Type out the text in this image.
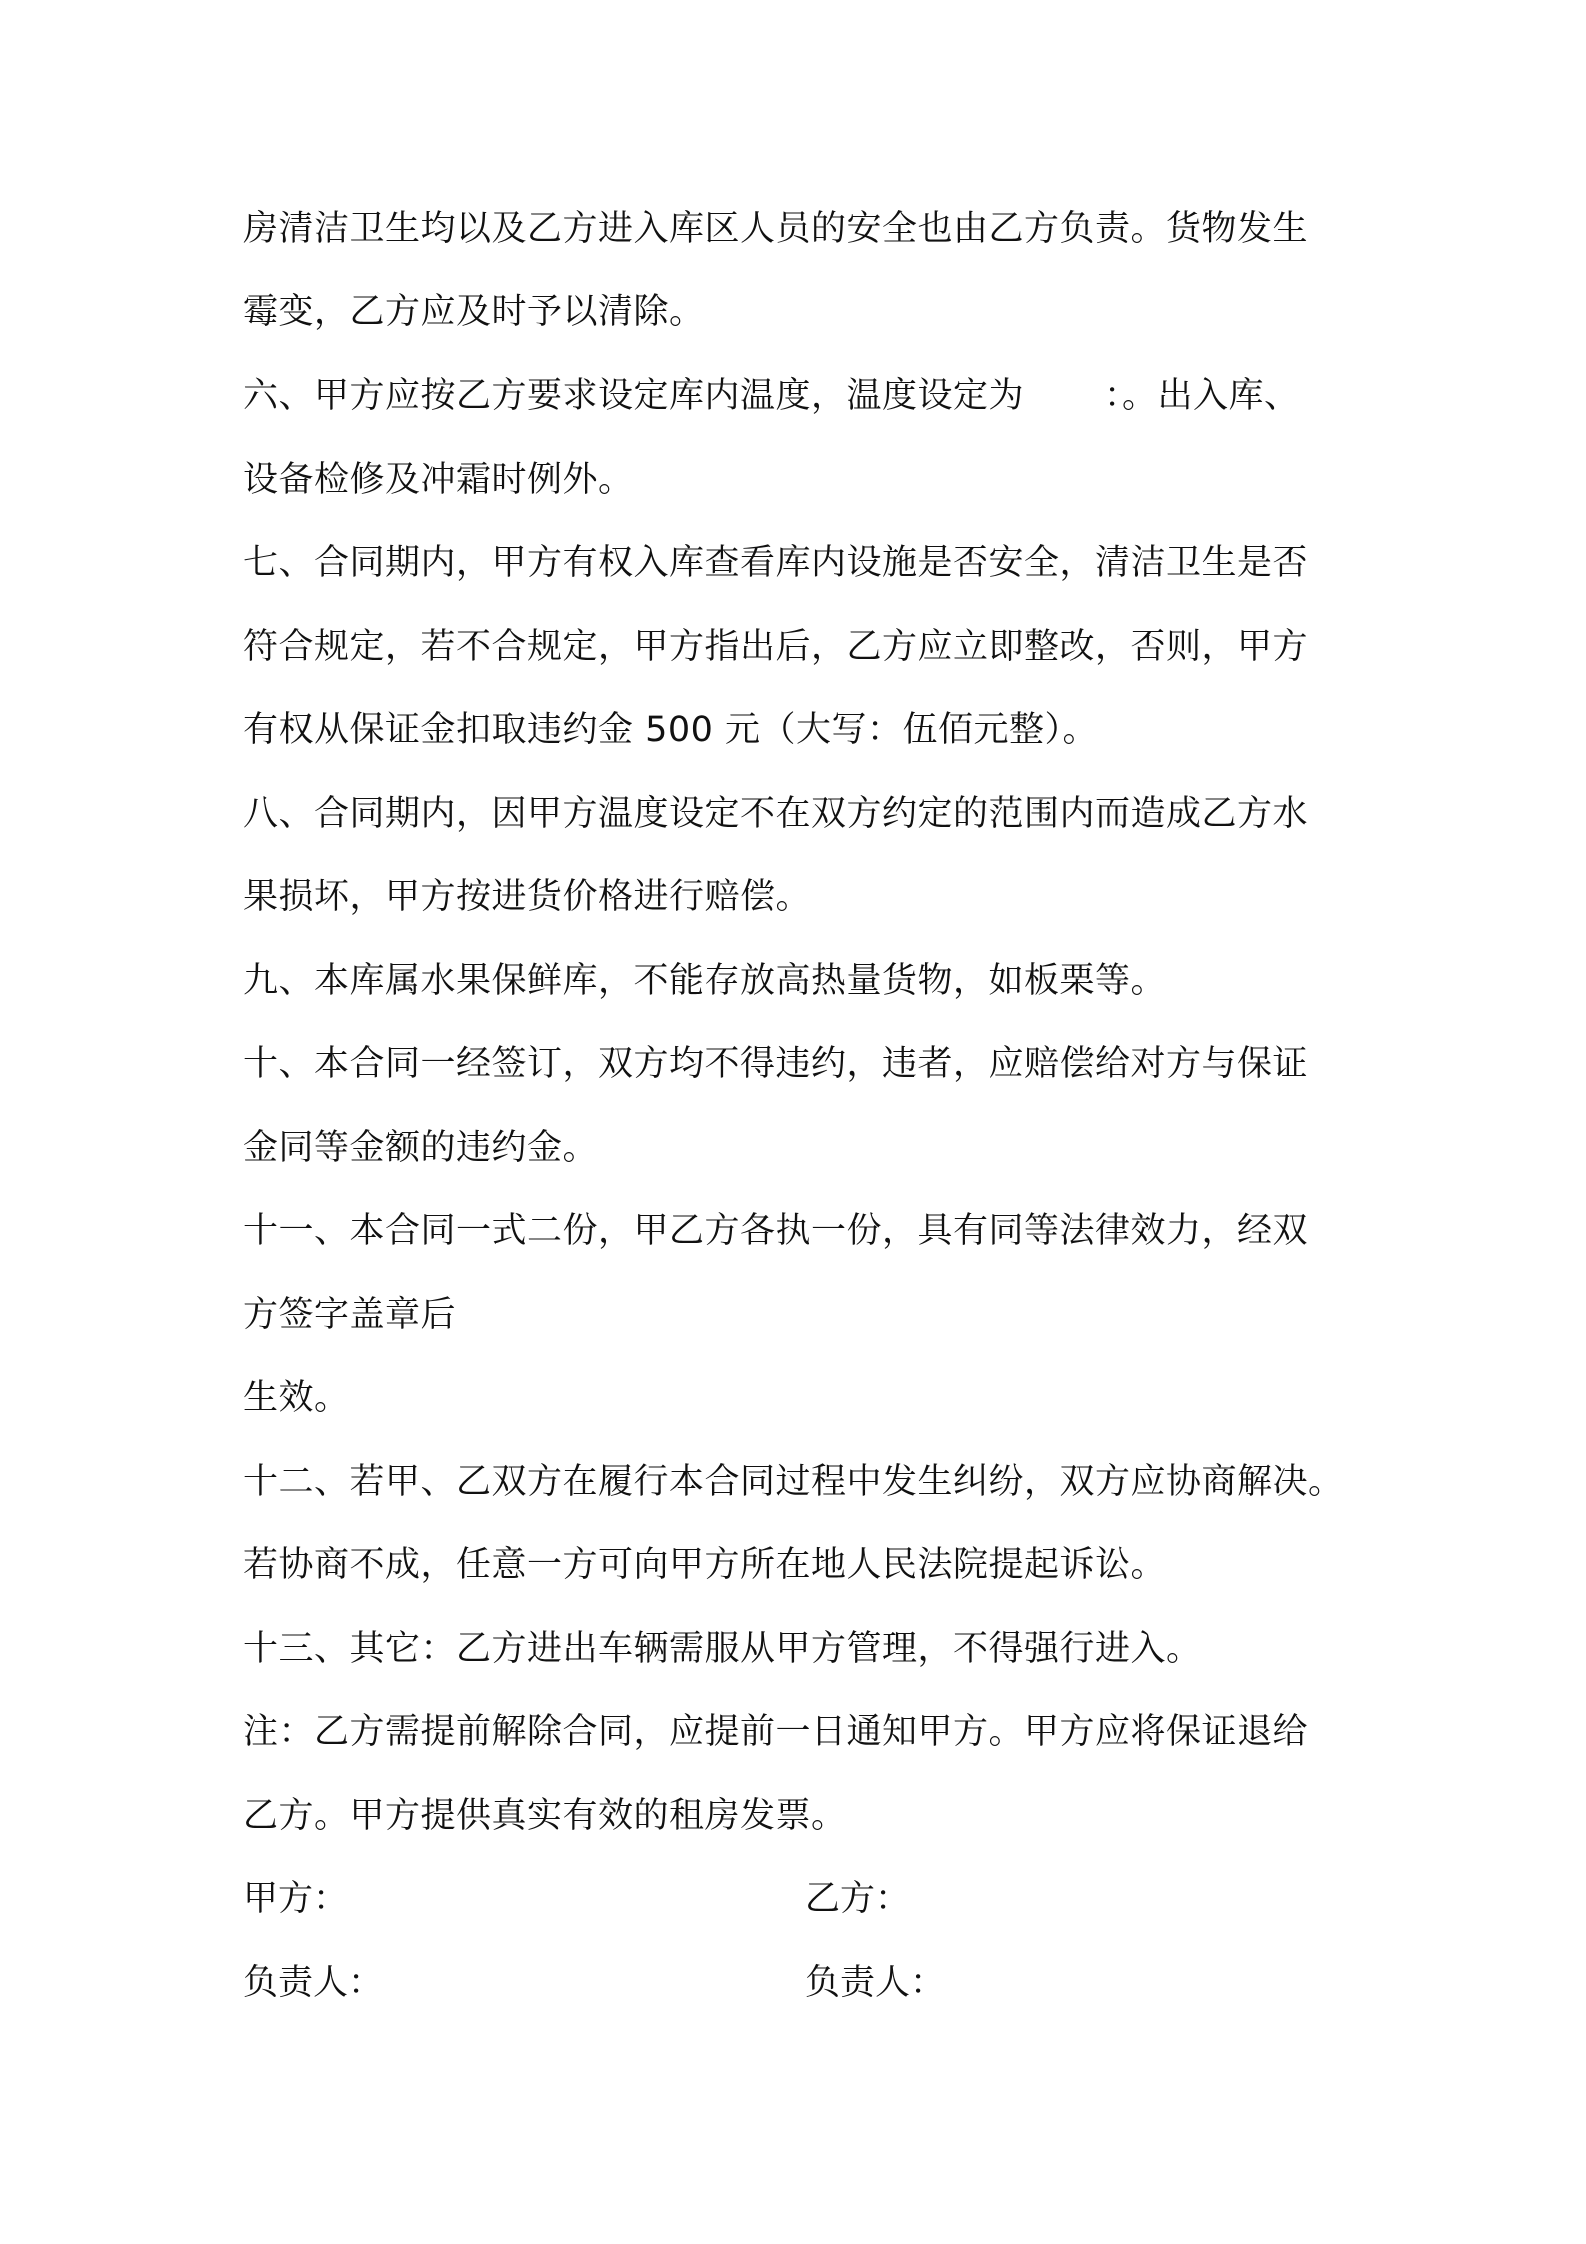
房清洁卫生均以及乙方进入库区人员的安全也由乙方负责。货物发生
霉变，乙方应及时予以清除。
六、甲方应按乙方要求设定库内温度，温度设定为 ：。出入库、
设备检修及冲霜时例外。
七、合同期内，甲方有权入库查看库内设施是否安全，清洁卫生是否
符合规定，若不合规定，甲方指出后，乙方应立即整改，否则，甲方
有权从保证金扣取违约金 500 元（大写：伍佰元整）。
八、合同期内，因甲方温度设定不在双方约定的范围内而造成乙方水
果损坏，甲方按进货价格进行赔偿。
九、本库属水果保鲜库，不能存放高热量货物，如板栗等。
十、本合同一经签订，双方均不得违约，违者，应赔偿给对方与保证
金同等金额的违约金。
十一、本合同一式二份，甲乙方各执一份，具有同等法律效力，经双
方签字盖章后
生效。
十二、若甲、乙双方在履行本合同过程中发生纠纷，双方应协商解决。
若协商不成，任意一方可向甲方所在地人民法院提起诉讼。
十三、其它：乙方进出车辆需服从甲方管理，不得强行进入。
注：乙方需提前解除合同，应提前一日通知甲方。甲方应将保证退给
乙方。甲方提供真实有效的租房发票。
甲方：	乙方：
负责人：	负责人：
